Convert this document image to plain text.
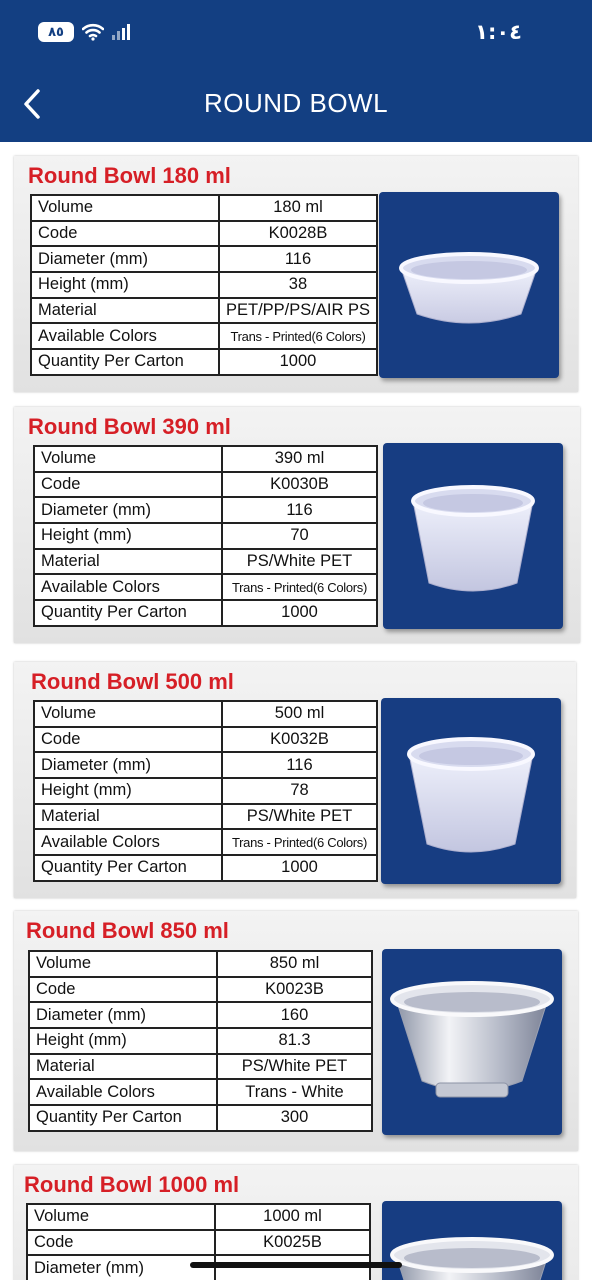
٨٥	١:٠٤
ROUND BOWL
Round Bowl 180 ml
Volume	180 ml
Code	K0028B
Diameter (mm)	116
Height (mm)	38
Material	PET/PP/PS/AIR PS
Available Colors	Trans - Printed(6 Colors)
Quantity Per Carton	1000
Round Bowl 390 ml
Volume	390 ml
Code	K0030B
Diameter (mm)	116
Height (mm)	70
Material	PS/White PET
Available Colors	Trans - Printed(6 Colors)
Quantity Per Carton	1000
Round Bowl 500 ml
Volume	500 ml
Code	K0032B
Diameter (mm)	116
Height (mm)	78
Material	PS/White PET
Available Colors	Trans - Printed(6 Colors)
Quantity Per Carton	1000
Round Bowl 850 ml
Volume	850 ml
Code	K0023B
Diameter (mm)	160
Height (mm)	81.3
Material	PS/White PET
Available Colors	Trans - White
Quantity Per Carton	300
Round Bowl 1000 ml
Volume	1000 ml
Code	K0025B
Diameter (mm)	
